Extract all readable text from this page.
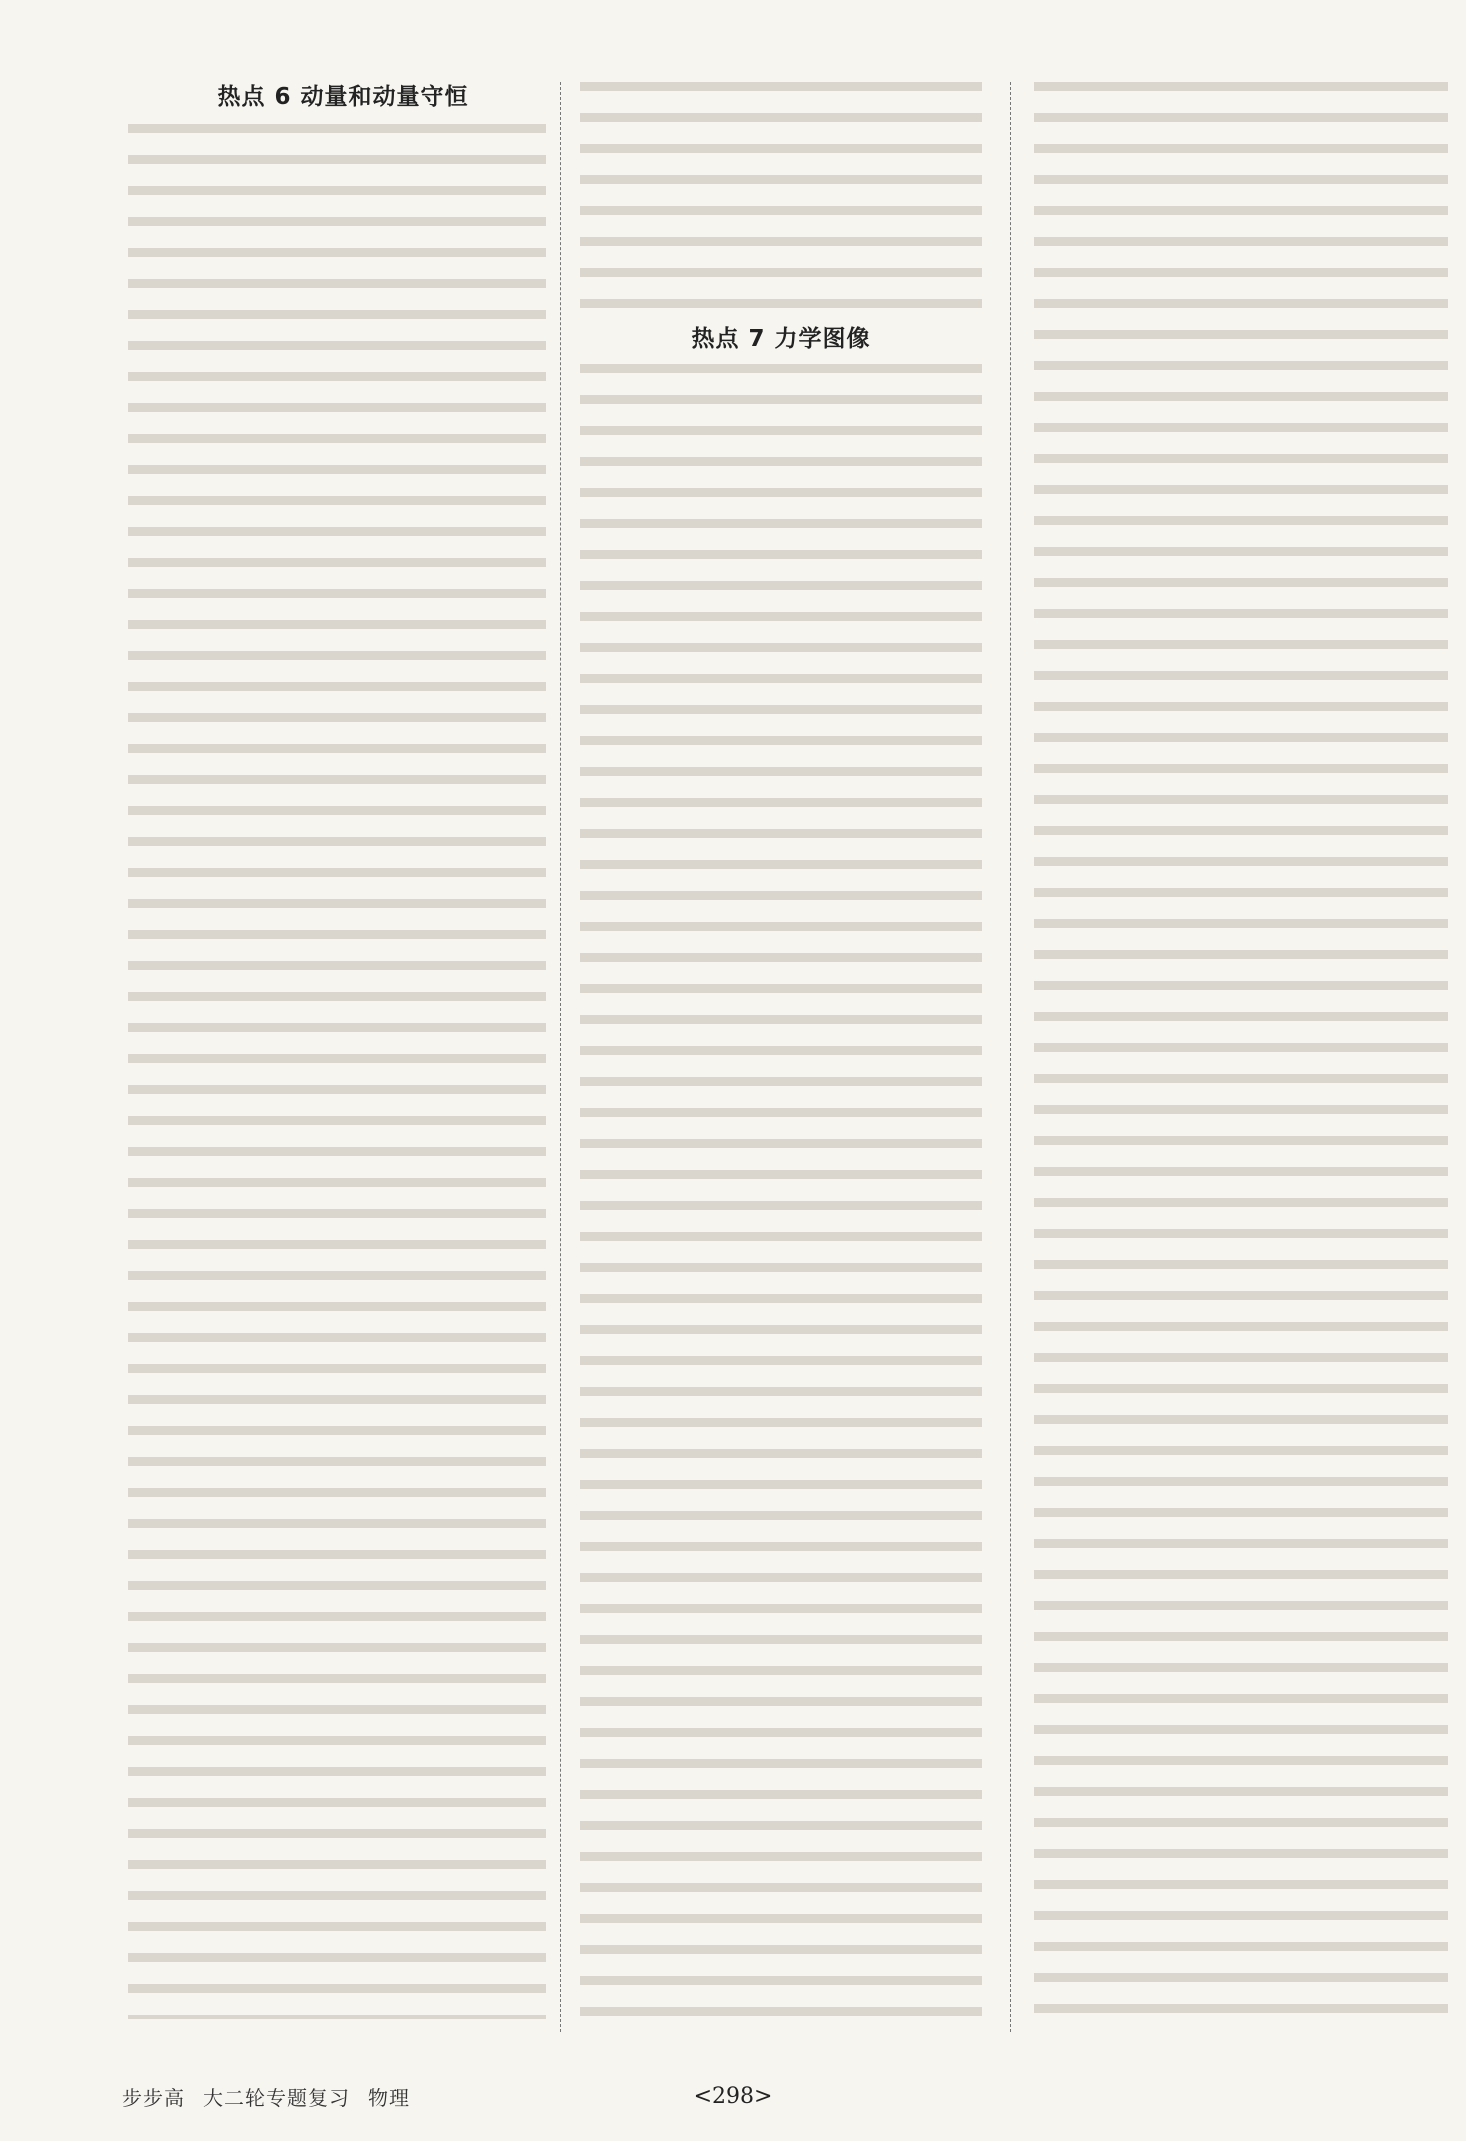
热点 6 动量和动量守恒
热点 7 力学图像
步步高 大二轮专题复习 物理	<298>
